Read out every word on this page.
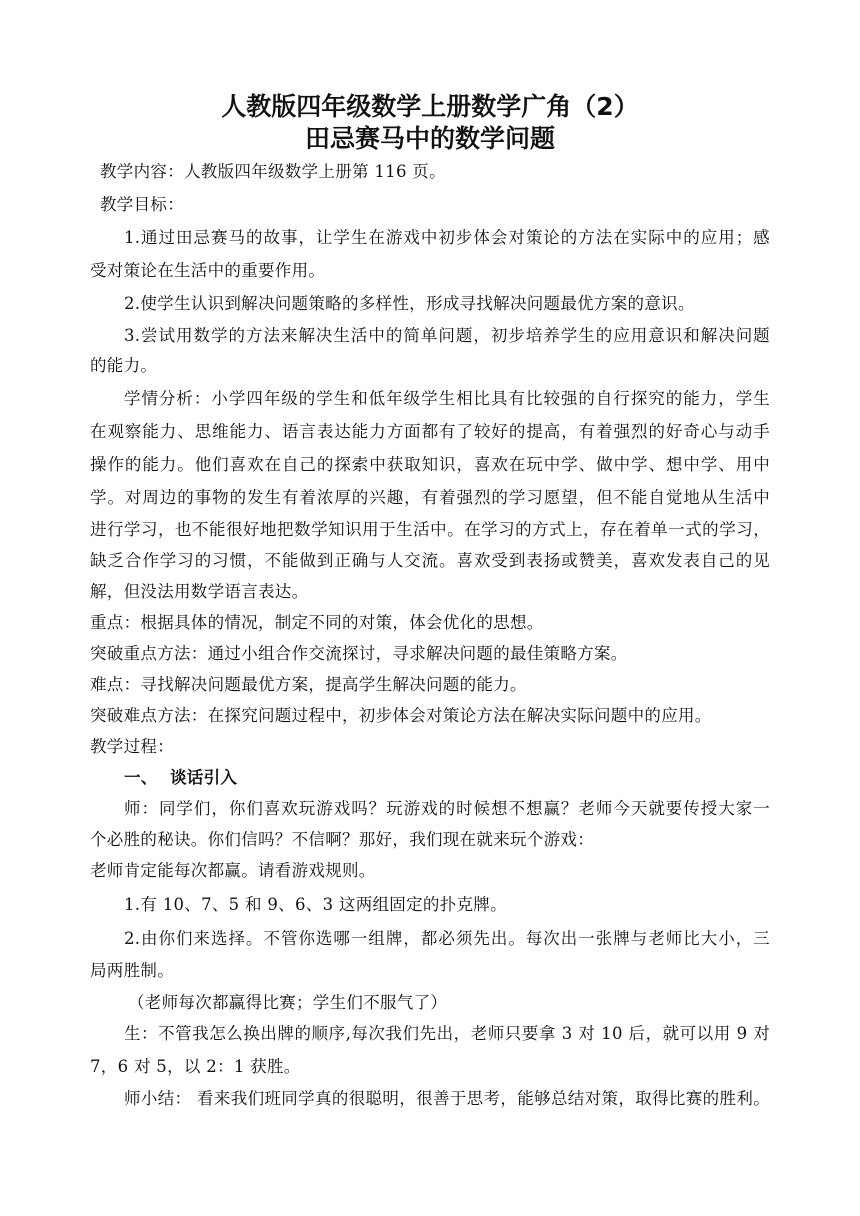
人教版四年级数学上册数学广角（2）
田忌赛马中的数学问题
教学内容：人教版四年级数学上册第 116 页。
教学目标：
1.通过田忌赛马的故事，让学生在游戏中初步体会对策论的方法在实际中的应用；感
受对策论在生活中的重要作用。
2.使学生认识到解决问题策略的多样性，形成寻找解决问题最优方案的意识。
3.尝试用数学的方法来解决生活中的简单问题，初步培养学生的应用意识和解决问题
的能力。
学情分析：小学四年级的学生和低年级学生相比具有比较强的自行探究的能力，学生
在观察能力、思维能力、语言表达能力方面都有了较好的提高，有着强烈的好奇心与动手
操作的能力。他们喜欢在自己的探索中获取知识，喜欢在玩中学、做中学、想中学、用中
学。对周边的事物的发生有着浓厚的兴趣，有着强烈的学习愿望，但不能自觉地从生活中
进行学习，也不能很好地把数学知识用于生活中。在学习的方式上，存在着单一式的学习，
缺乏合作学习的习惯，不能做到正确与人交流。喜欢受到表扬或赞美，喜欢发表自己的见
解，但没法用数学语言表达。
重点：根据具体的情况，制定不同的对策，体会优化的思想。
突破重点方法：通过小组合作交流探讨，寻求解决问题的最佳策略方案。
难点：寻找解决问题最优方案，提高学生解决问题的能力。
突破难点方法：在探究问题过程中，初步体会对策论方法在解决实际问题中的应用。
教学过程：
一、 谈话引入
师：同学们，你们喜欢玩游戏吗？玩游戏的时候想不想赢？老师今天就要传授大家一
个必胜的秘诀。你们信吗？不信啊？那好，我们现在就来玩个游戏：
老师肯定能每次都赢。请看游戏规则。
1.有 10、7、5 和 9、6、3 这两组固定的扑克牌。
2.由你们来选择。不管你选哪一组牌，都必须先出。每次出一张牌与老师比大小，三
局两胜制。
（老师每次都赢得比赛；学生们不服气了）
生：不管我怎么换出牌的顺序,每次我们先出，老师只要拿 3 对 10 后，就可以用 9 对
7，6 对 5，以 2：1 获胜。
师小结： 看来我们班同学真的很聪明，很善于思考，能够总结对策，取得比赛的胜利。
